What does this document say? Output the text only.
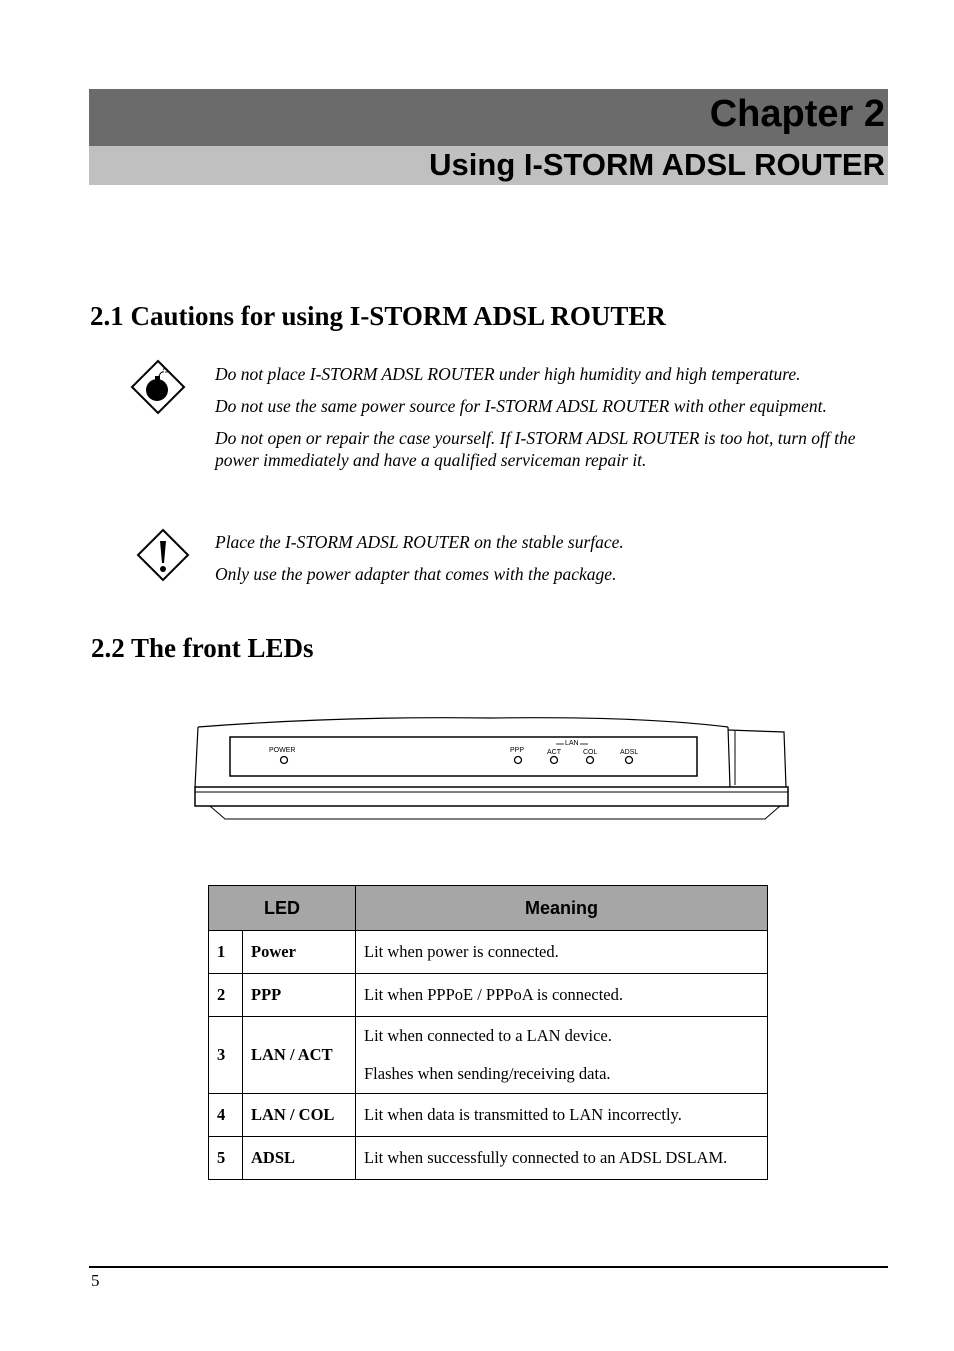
Chapter 2
Using I-STORM ADSL ROUTER
2.1 Cautions for using I-STORM ADSL ROUTER

Do not place I-STORM ADSL ROUTER under high humidity and high temperature.

Do not use the same power source for I-STORM ADSL ROUTER with other equipment.

Do not open or repair the case yourself. If I-STORM ADSL ROUTER is too hot, turn off the power immediately and have a qualified serviceman repair it.

Place the I-STORM ADSL ROUTER on the stable surface.

Only use the power adapter that comes with the package.

2.2 The front LEDs
POWER	PPP
LAN
ACT	COL	ADSL
LED		Meaning
1	Power	Lit when power is connected.

2	PPP	Lit when PPPoE / PPPoA is connected.

3	LAN / ACT	Lit when connected to a LAN device.

Flashes when sending/receiving data.

4	LAN / COL	Lit when data is transmitted to LAN incorrectly.

5	ADSL	Lit when successfully connected to an ADSL DSLAM.

5
